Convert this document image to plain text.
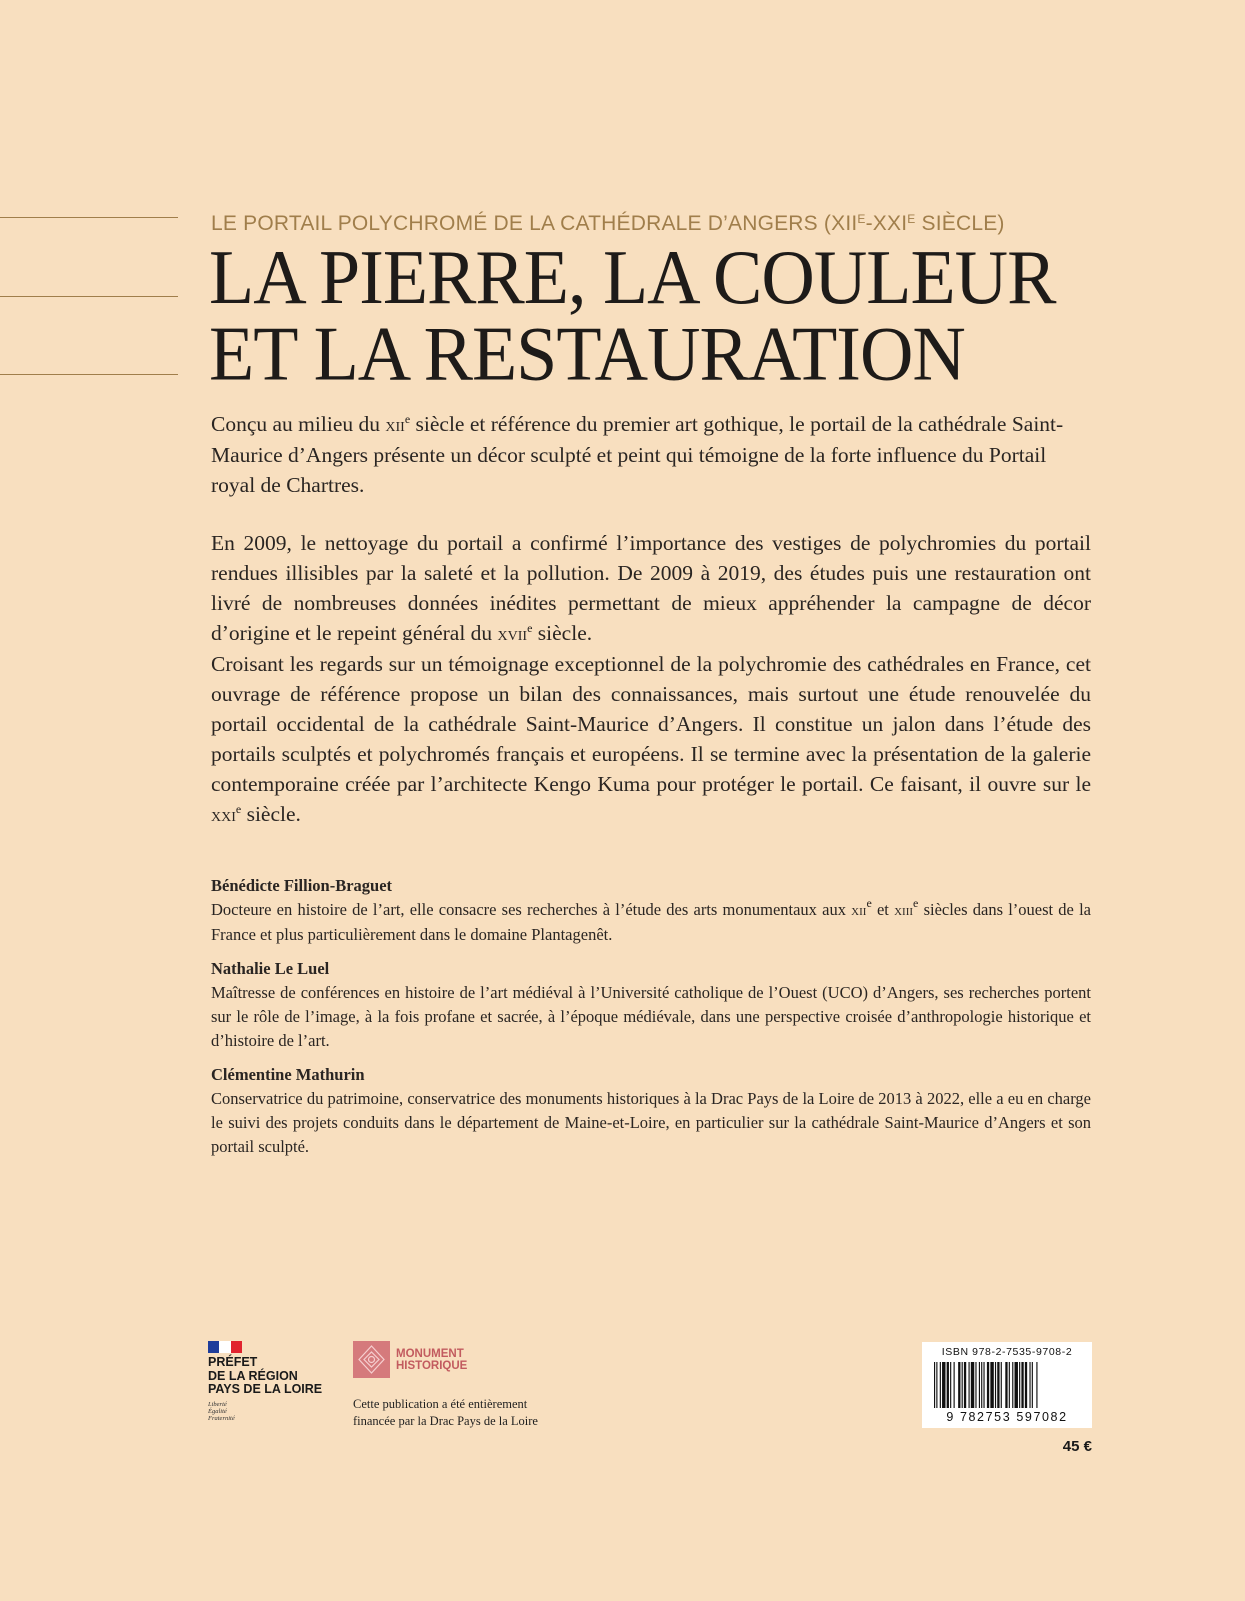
LE PORTAIL POLYCHROMÉ DE LA CATHÉDRALE D’ANGERS ($XII^E-XXI^E$ SIÈCLE)
LA PIERRE, LA COULEUR
ET LA RESTAURATION

Conçu au milieu du xii$^e$ siècle et référence du premier art gothique, le portail de la cathédrale Saint-Maurice d’Angers présente un décor sculpté et peint qui témoigne de la forte influence du Portail royal de Chartres.

En 2009, le nettoyage du portail a confirmé l’importance des vestiges de polychromies du portail rendues illisibles par la saleté et la pollution. De 2009 à 2019, des études puis une restauration ont livré de nombreuses données inédites permettant de mieux appréhender la campagne de décor d’origine et le repeint général du xvii$^e$ siècle.

Croisant les regards sur un témoignage exceptionnel de la polychromie des cathédrales en France, cet ouvrage de référence propose un bilan des connaissances, mais surtout une étude renouvelée du portail occidental de la cathédrale Saint-Maurice d’Angers. Il constitue un jalon dans l’étude des portails sculptés et polychromés français et européens. Il se termine avec la présentation de la galerie contemporaine créée par l’architecte Kengo Kuma pour protéger le portail. Ce faisant, il ouvre sur le xxi$^e$ siècle.

Bénédicte Fillion-Braguet
Docteure en histoire de l’art, elle consacre ses recherches à l’étude des arts monumentaux aux xii$^e$ et xiii$^e$ siècles dans l’ouest de la France et plus particulièrement dans le domaine Plantagenêt.
Nathalie Le Luel
Maîtresse de conférences en histoire de l’art médiéval à l’Université catholique de l’Ouest (UCO) d’Angers, ses recherches portent sur le rôle de l’image, à la fois profane et sacrée, à l’époque médiévale, dans une perspective croisée d’anthropologie historique et d’histoire de l’art.
Clémentine Mathurin
Conservatrice du patrimoine, conservatrice des monuments historiques à la Drac Pays de la Loire de 2013 à 2022, elle a eu en charge le suivi des projets conduits dans le département de Maine-et-Loire, en particulier sur la cathédrale Saint-Maurice d’Angers et son portail sculpté.
PRÉFET
DE LA RÉGION
PAYS DE LA LOIRE
Liberté
Égalité
Fraternité
MONUMENT
HISTORIQUE
Cette publication a été entièrement
financée par la Drac Pays de la Loire
ISBN 978-2-7535-9708-2
9 782753 597082
45 €
